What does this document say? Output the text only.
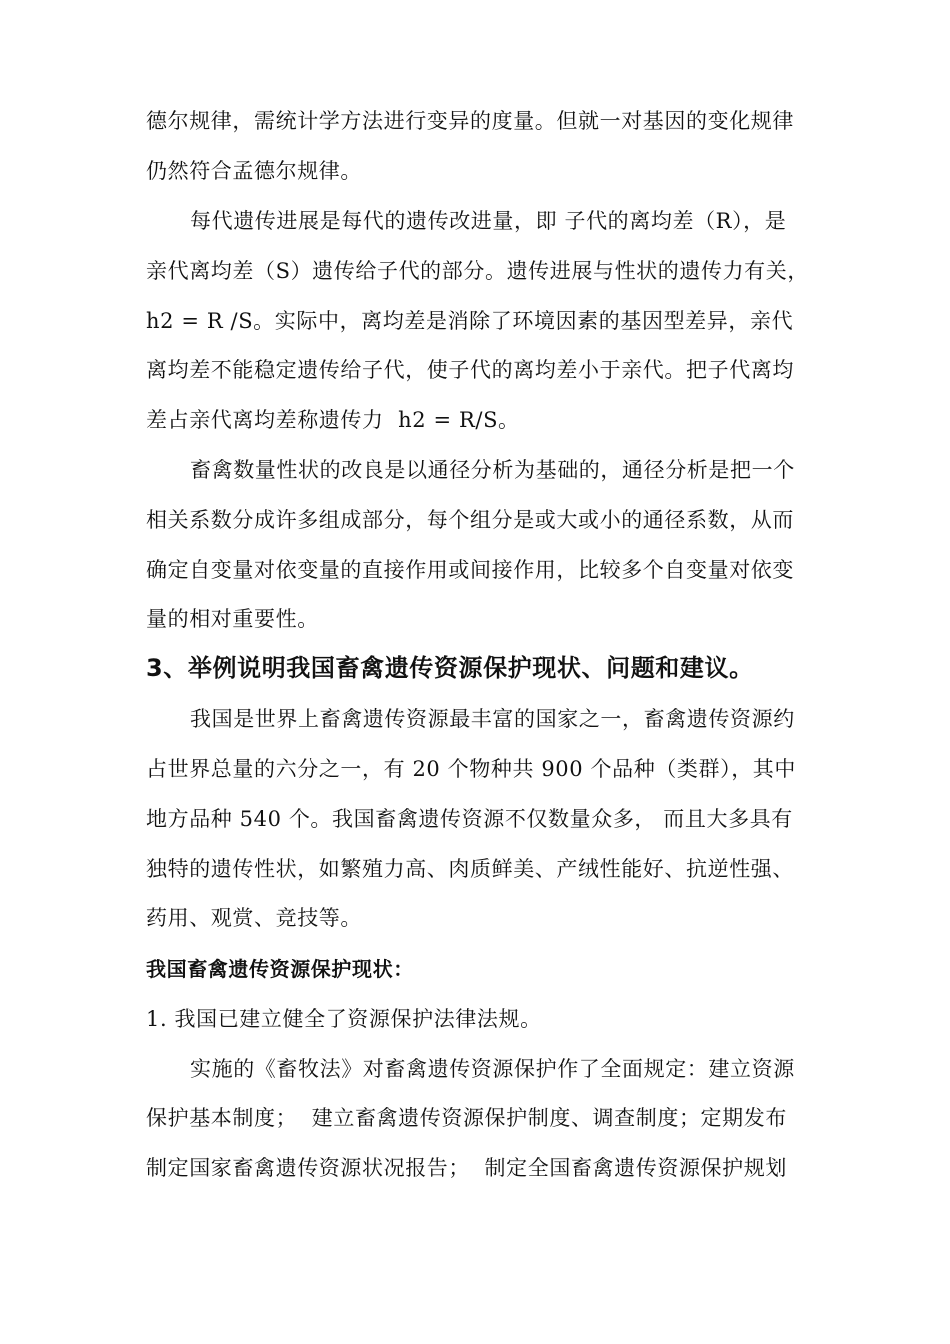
德尔规律，需统计学方法进行变异的度量。但就一对基因的变化规律
仍然符合孟德尔规律。
每代遗传进展是每代的遗传改进量，即 子代的离均差（R），是
亲代离均差（S）遗传给子代的部分。遗传进展与性状的遗传力有关，
h2 = R /S。实际中，离均差是消除了环境因素的基因型差异，亲代
离均差不能稳定遗传给子代，使子代的离均差小于亲代。把子代离均
差占亲代离均差称遗传力  h2 = R/S。
畜禽数量性状的改良是以通径分析为基础的，通径分析是把一个
相关系数分成许多组成部分，每个组分是或大或小的通径系数，从而
确定自变量对依变量的直接作用或间接作用，比较多个自变量对依变
量的相对重要性。
3、举例说明我国畜禽遗传资源保护现状、问题和建议。
我国是世界上畜禽遗传资源最丰富的国家之一，畜禽遗传资源约
占世界总量的六分之一，有 20 个物种共 900 个品种（类群），其中
地方品种 540 个。我国畜禽遗传资源不仅数量众多， 而且大多具有
独特的遗传性状，如繁殖力高、肉质鲜美、产绒性能好、抗逆性强、
药用、观赏、竞技等。
我国畜禽遗传资源保护现状：
1. 我国已建立健全了资源保护法律法规。
实施的《畜牧法》对畜禽遗传资源保护作了全面规定：建立资源
保护基本制度；  建立畜禽遗传资源保护制度、调查制度；定期发布
制定国家畜禽遗传资源状况报告；  制定全国畜禽遗传资源保护规划
